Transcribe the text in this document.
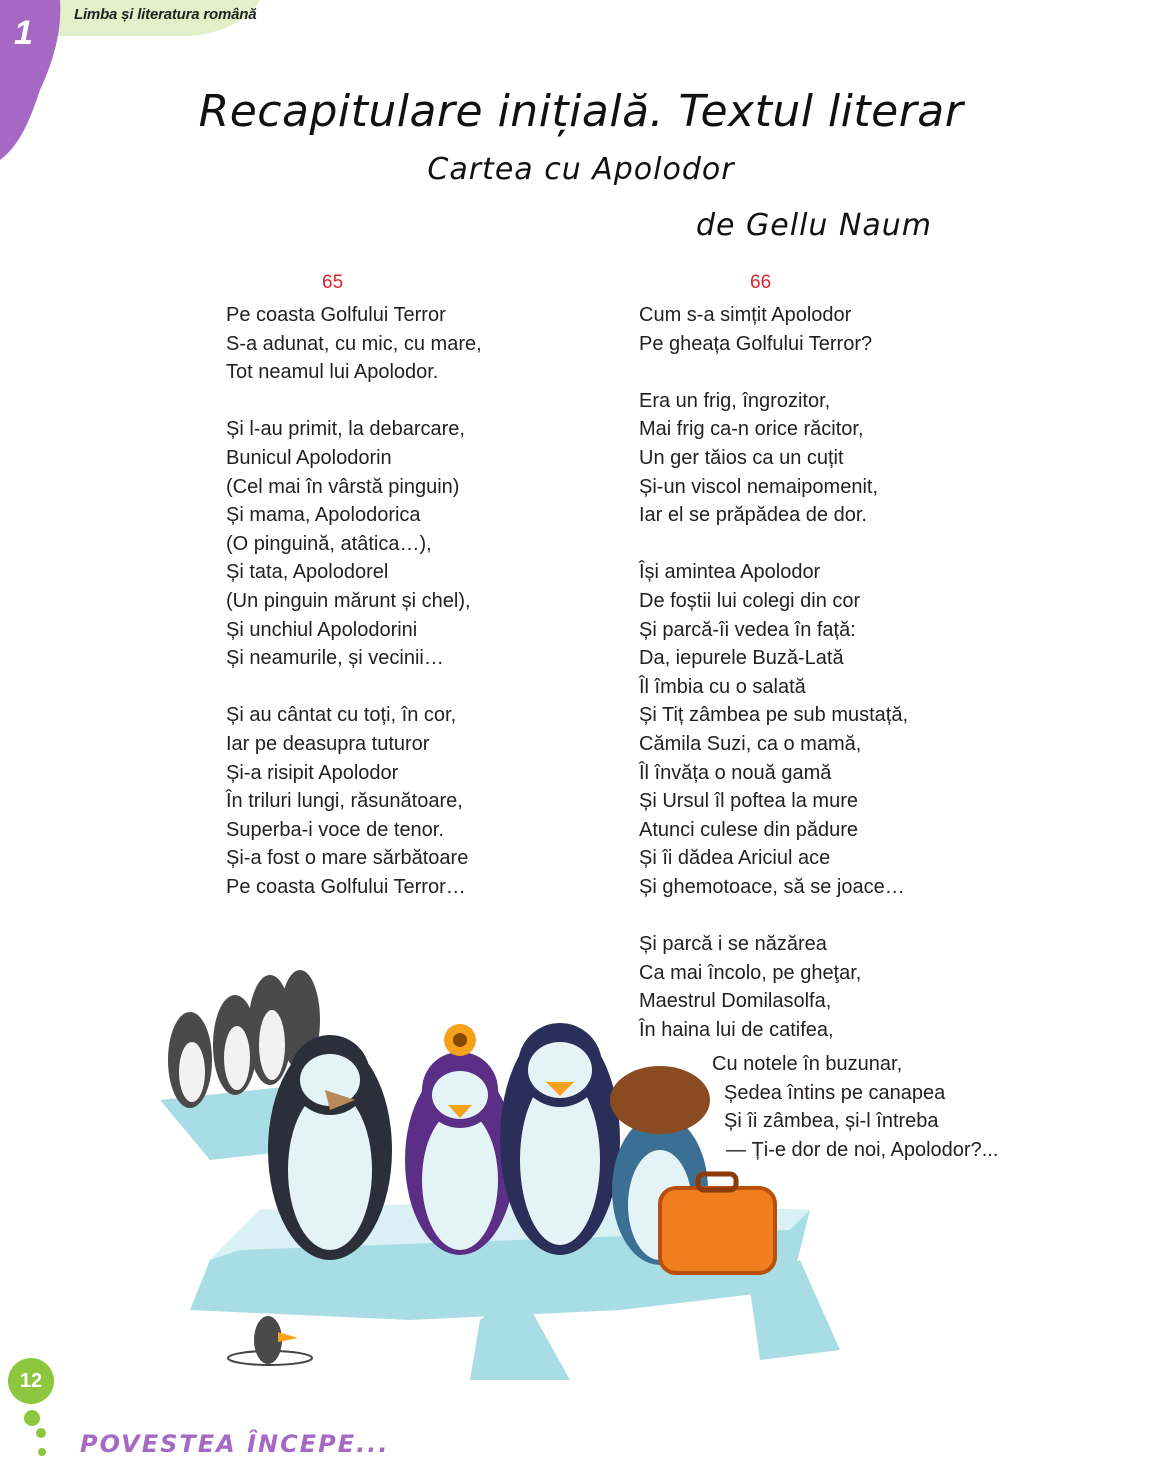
1	Limba și literatura română
Recapitulare inițială. Textul literar
Cartea cu Apolodor
de Gellu Naum
65	66
Pe coasta Golfului Terror
S-a adunat, cu mic, cu mare,
Tot neamul lui Apolodor.
Și l-au primit, la debarcare,
Bunicul Apolodorin
(Cel mai în vârstă pinguin)
Și mama, Apolodorica
(O pinguină, atâtica…),
Și tata, Apolodorel
(Un pinguin mărunt și chel),
Și unchiul Apolodorini
Și neamurile, și vecinii…
Și au cântat cu toți, în cor,
Iar pe deasupra tuturor
Și-a risipit Apolodor
În triluri lungi, răsunătoare,
Superba-i voce de tenor.
Și-a fost o mare sărbătoare
Pe coasta Golfului Terror…
Cum s-a simțit Apolodor
Pe gheața Golfului Terror?
Era un frig, îngrozitor,
Mai frig ca-n orice răcitor,
Un ger tăios ca un cuțit
Și-un viscol nemaipomenit,
Iar el se prăpădea de dor.
Își amintea Apolodor
De foștii lui colegi din cor
Și parcă-îi vedea în față:
Da, iepurele Buză-Lată
Îl îmbia cu o salată
Și Tiț zâmbea pe sub mustață,
Cămila Suzi, ca o mamă,
Îl învăța o nouă gamă
Și Ursul îl poftea la mure
Atunci culese din pădure
Și îi dădea Ariciul ace
Și ghemotoace, să se joace…
Și parcă i se năzărea
Ca mai încolo, pe gheţar,
Maestrul Domilasolfa,
În haina lui de catifea,
Cu notele în buzunar,
Ședea întins pe canapea
Și îi zâmbea, și-l întreba
— Ți-e dor de noi, Apolodor?...
12
POVESTEA ÎNCEPE...
